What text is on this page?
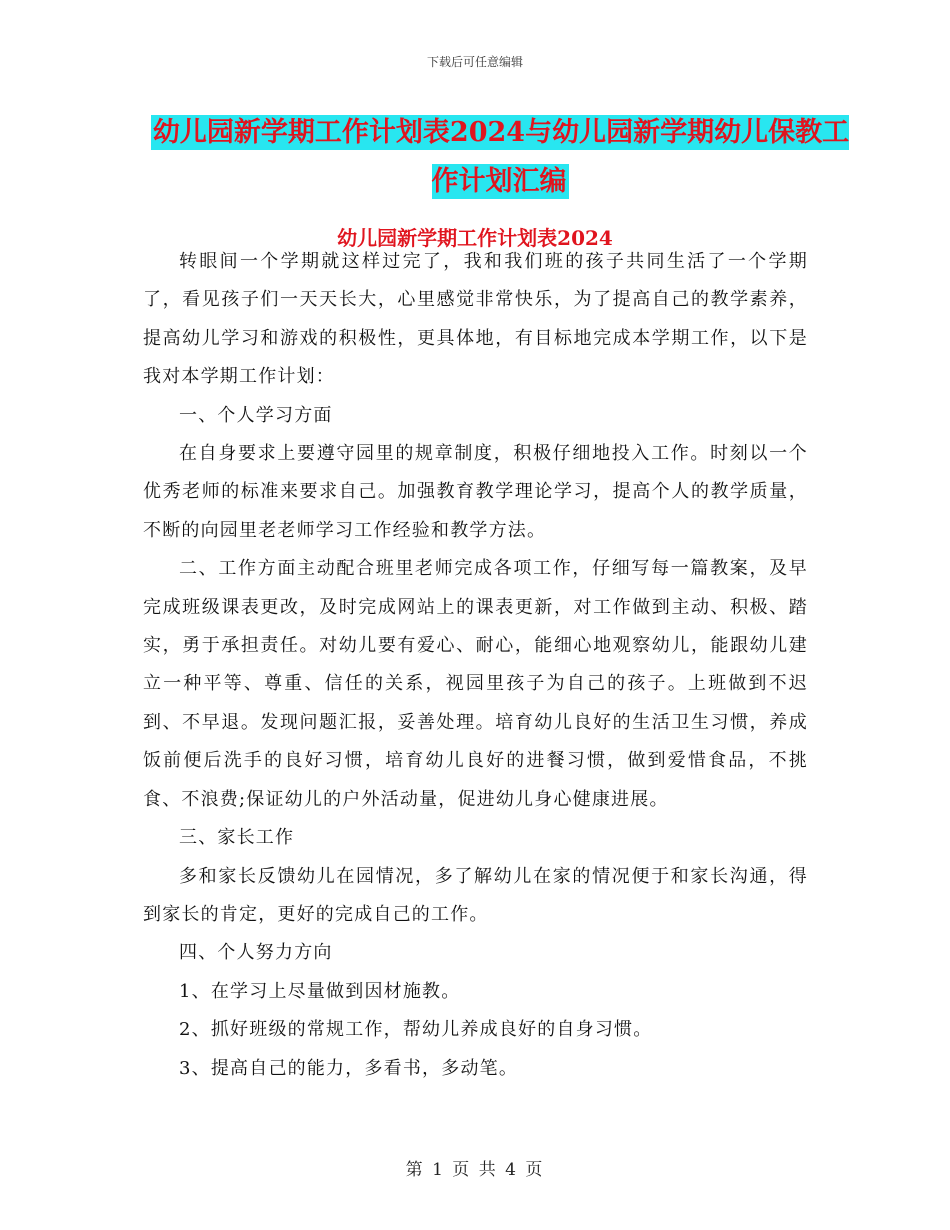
下载后可任意编辑
幼儿园新学期工作计划表2024与幼儿园新学期幼儿保教工作计划汇编
幼儿园新学期工作计划表2024

转眼间一个学期就这样过完了，我和我们班的孩子共同生活了一个学期了，看见孩子们一天天长大，心里感觉非常快乐，为了提高自己的教学素养，提高幼儿学习和游戏的积极性，更具体地，有目标地完成本学期工作，以下是我对本学期工作计划：

一、个人学习方面

在自身要求上要遵守园里的规章制度，积极仔细地投入工作。时刻以一个优秀老师的标准来要求自己。加强教育教学理论学习，提高个人的教学质量，不断的向园里老老师学习工作经验和教学方法。

二、工作方面主动配合班里老师完成各项工作，仔细写每一篇教案，及早完成班级课表更改，及时完成网站上的课表更新，对工作做到主动、积极、踏实，勇于承担责任。对幼儿要有爱心、耐心，能细心地观察幼儿，能跟幼儿建立一种平等、尊重、信任的关系，视园里孩子为自己的孩子。上班做到不迟到、不早退。发现问题汇报，妥善处理。培育幼儿良好的生活卫生习惯，养成饭前便后洗手的良好习惯，培育幼儿良好的进餐习惯，做到爱惜食品，不挑食、不浪费;保证幼儿的户外活动量，促进幼儿身心健康进展。

三、家长工作

多和家长反馈幼儿在园情况，多了解幼儿在家的情况便于和家长沟通，得到家长的肯定，更好的完成自己的工作。

四、个人努力方向

1、在学习上尽量做到因材施教。

2、抓好班级的常规工作，帮幼儿养成良好的自身习惯。

3、提高自己的能力，多看书，多动笔。

第 1 页 共 4 页
